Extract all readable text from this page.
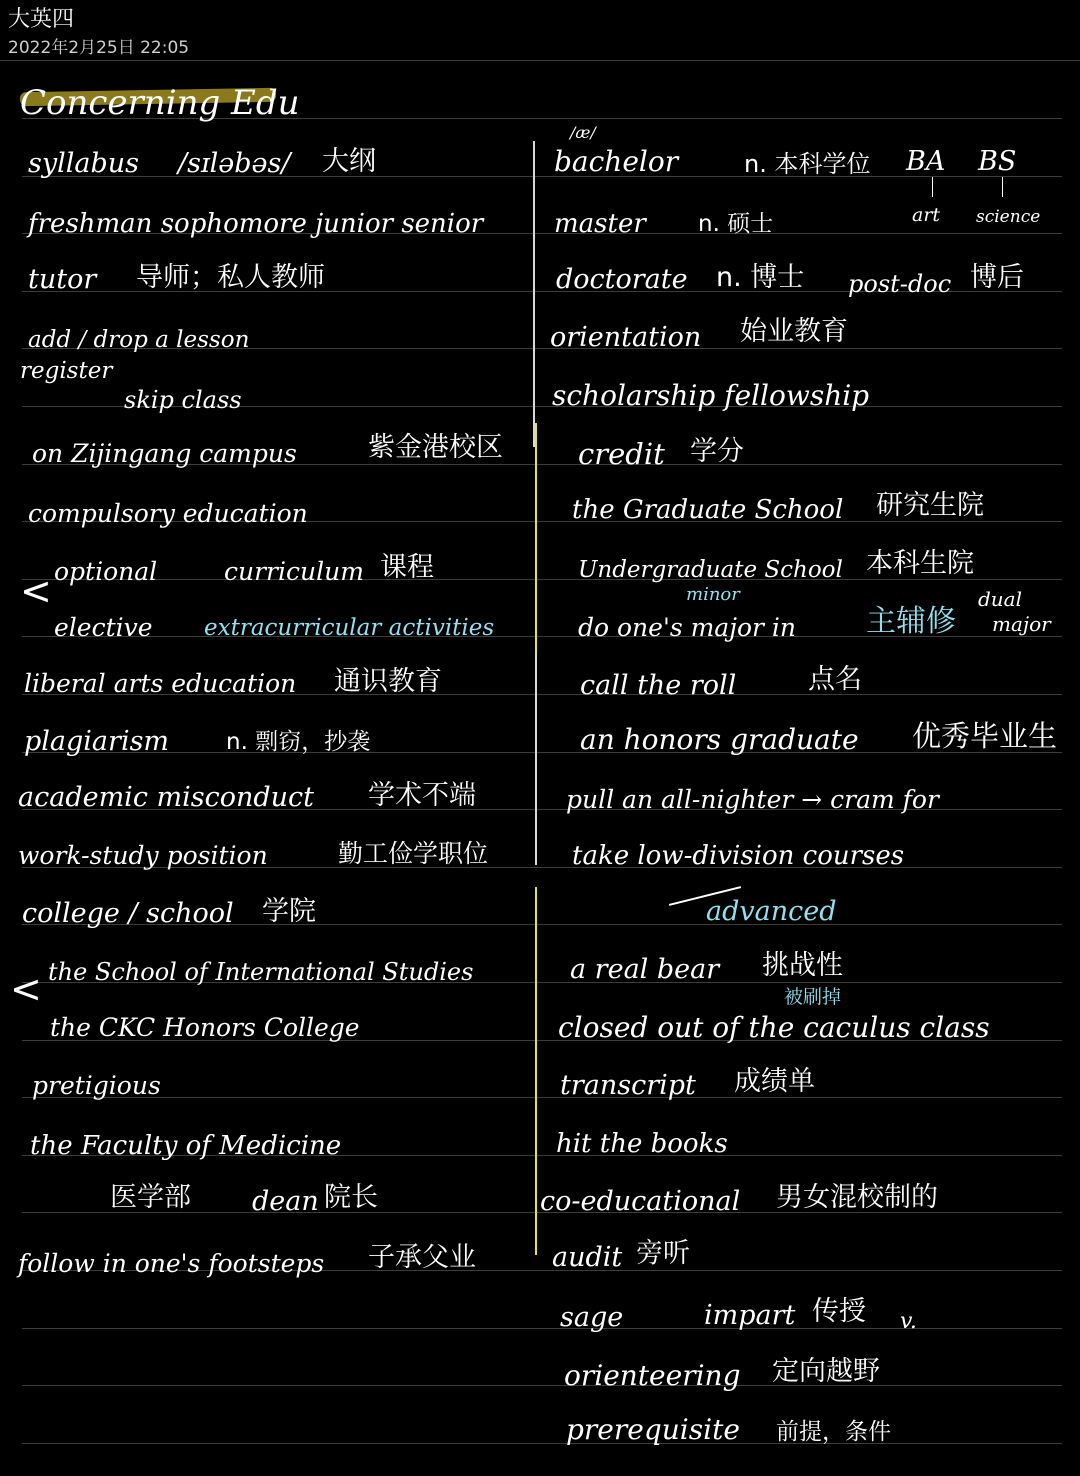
大英四
2022年2月25日 22:05
Concerning Edu
syllabus /sɪləbəs/ 大纲
freshman sophomore junior senior
tutor 导师；私人教师
add / drop a lesson
register
skip class
on Zijingang campus	紫金港校区
compulsory education
< optional	curriculum 课程
elective extracurricular activities
liberal arts education 通识教育
plagiarism n. 剽窃，抄袭
academic misconduct 学术不端
work-study position	勤工俭学职位
college / school 学院
< the School of International Studies
the CKC Honors College
pretigious
the Faculty of Medicine
医学部 dean 院长
follow in one's footsteps 子承父业
/æ/
bachelor	n. 本科学位 BA BS
art science
master n. 硕士
doctorate n. 博士 post-doc 博后
orientation 始业教育
scholarship fellowship
credit 学分
the Graduate School 研究生院
Undergraduate School 本科生院
minor
do one's major in 主辅修
dual
major
call the roll	点名
an honors graduate 优秀毕业生
pull an all-nighter → cram for
take low-division courses
advanced
a real bear 挑战性
被刷掉
closed out of the caculus class
transcript 成绩单
hit the books
co-educational 男女混校制的
audit 旁听
sage	impart 传授 v.
orienteering 定向越野
prerequisite 前提，条件
